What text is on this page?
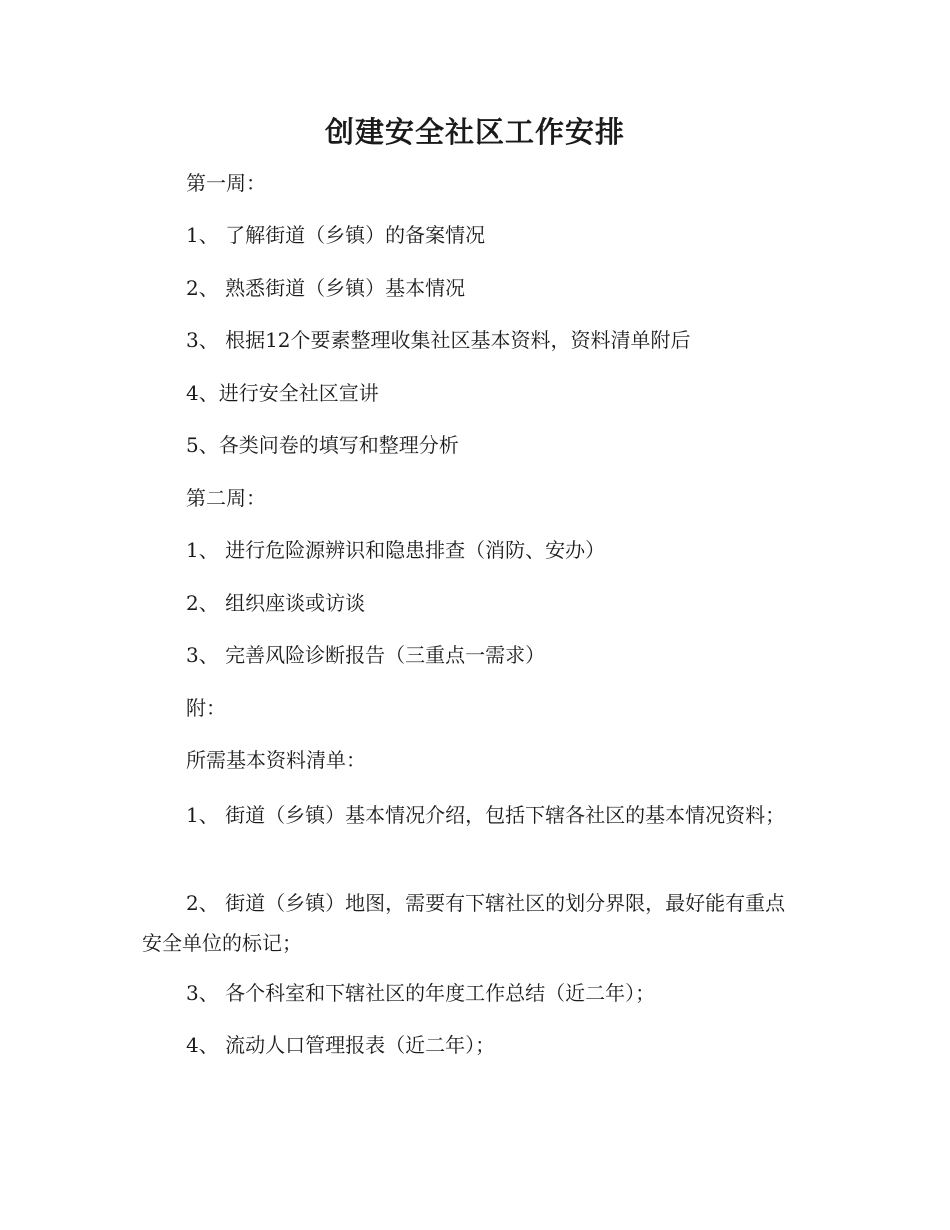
创建安全社区工作安排
第一周：
1、 了解街道（乡镇）的备案情况
2、 熟悉街道（乡镇）基本情况
3、 根据12个要素整理收集社区基本资料，资料清单附后
4、进行安全社区宣讲
5、各类问卷的填写和整理分析
第二周：
1、 进行危险源辨识和隐患排查（消防、安办）
2、 组织座谈或访谈
3、 完善风险诊断报告（三重点一需求）
附：
所需基本资料清单：
1、 街道（乡镇）基本情况介绍，包括下辖各社区的基本情况资料；
2、 街道（乡镇）地图，需要有下辖社区的划分界限，最好能有重点安全单位的标记；
3、 各个科室和下辖社区的年度工作总结（近二年）；
4、 流动人口管理报表（近二年）；
